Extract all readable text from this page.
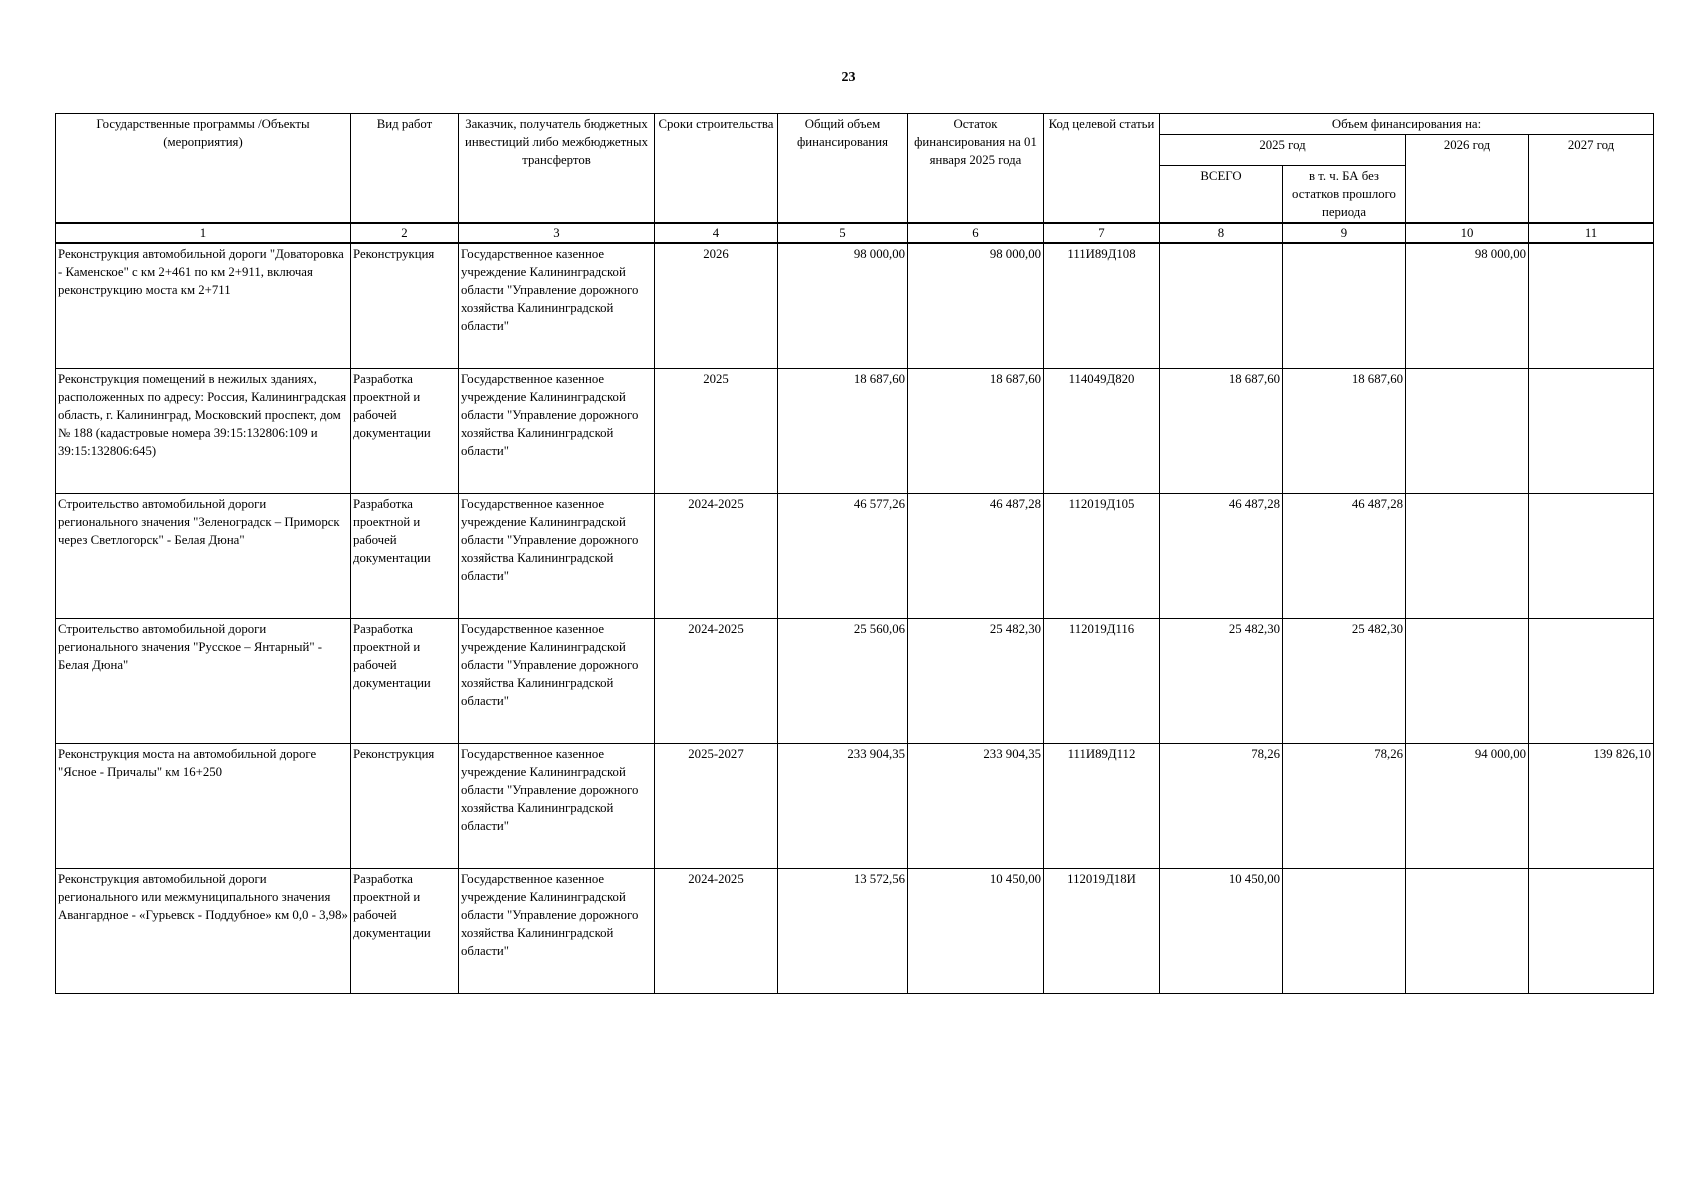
23
Государственные программы /Объекты (мероприятия)	Вид работ	Заказчик, получатель бюджетных инвестиций либо межбюджетных трансфертов	Сроки строительства	Общий объем финансирования	Остаток финансирования на 01 января 2025 года	Код целевой статьи	Объем финансирования на:			
							2025 год		2026 год	2027 год
							ВСЕГО	в т. ч. БА без остатков прошлого периода		
1	2	3	4	5	6	7	8	9	10	11
Реконструкция автомобильной дороги "Доваторовка - Каменское" с км 2+461 по км 2+911, включая реконструкцию моста км 2+711	Реконструкция	Государственное казенное учреждение Калининградской области "Управление дорожного хозяйства Калининградской области"	2026	98 000,00	98 000,00	111И89Д108			98 000,00	
Реконструкция помещений в нежилых зданиях, расположенных по адресу: Россия, Калининградская область, г. Калининград, Московский проспект, дом № 188 (кадастровые номера 39:15:132806:109 и 39:15:132806:645)	Разработка проектной и рабочей документации	Государственное казенное учреждение Калининградской области "Управление дорожного хозяйства Калининградской области"	2025	18 687,60	18 687,60	114049Д820	18 687,60	18 687,60		
Строительство автомобильной дороги регионального значения "Зеленоградск – Приморск через Светлогорск" - Белая Дюна"	Разработка проектной и рабочей документации	Государственное казенное учреждение Калининградской области "Управление дорожного хозяйства Калининградской области"	2024-2025	46 577,26	46 487,28	112019Д105	46 487,28	46 487,28		
Строительство автомобильной дороги регионального значения "Русское – Янтарный" - Белая Дюна"	Разработка проектной и рабочей документации	Государственное казенное учреждение Калининградской области "Управление дорожного хозяйства Калининградской области"	2024-2025	25 560,06	25 482,30	112019Д116	25 482,30	25 482,30		
Реконструкция моста на автомобильной дороге "Ясное - Причалы" км 16+250	Реконструкция	Государственное казенное учреждение Калининградской области "Управление дорожного хозяйства Калининградской области"	2025-2027	233 904,35	233 904,35	111И89Д112	78,26	78,26	94 000,00	139 826,10
Реконструкция автомобильной дороги регионального или межмуниципального значения Авангардное - «Гурьевск - Поддубное» км 0,0 - 3,98»	Разработка проектной и рабочей документации	Государственное казенное учреждение Калининградской области "Управление дорожного хозяйства Калининградской области"	2024-2025	13 572,56	10 450,00	112019Д18И	10 450,00			
